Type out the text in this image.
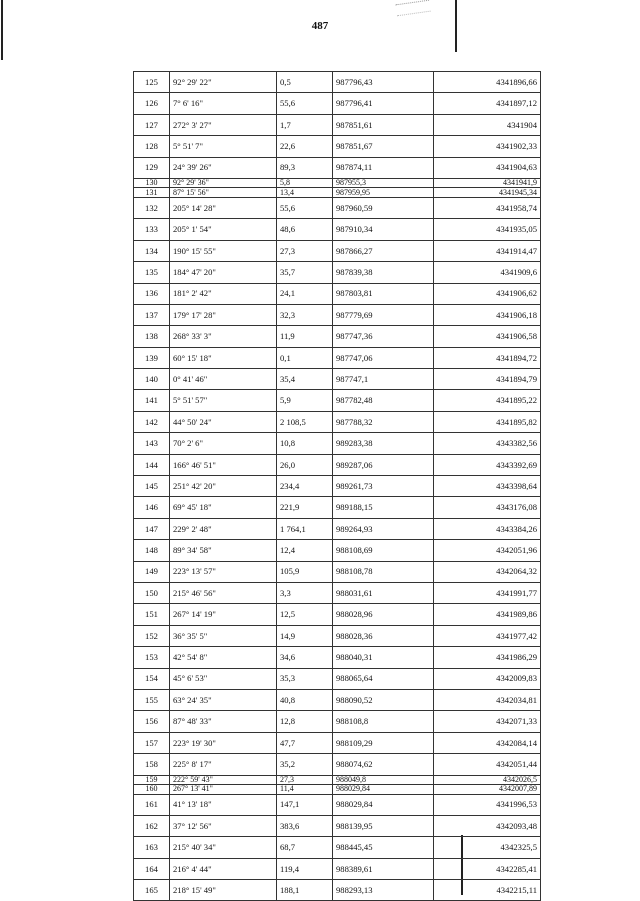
487
125	92° 29' 22"	0,5	987796,43	4341896,66
126	7° 6' 16"	55,6	987796,41	4341897,12
127	272° 3' 27"	1,7	987851,61	4341904
128	5° 51' 7"	22,6	987851,67	4341902,33
129	24° 39' 26"	89,3	987874,11	4341904,63
130	92° 29' 36"	5,8	987955,3	4341941,9
131	87° 15' 56"	13,4	987959,95	4341945,34
132	205° 14' 28"	55,6	987960,59	4341958,74
133	205° 1' 54"	48,6	987910,34	4341935,05
134	190° 15' 55"	27,3	987866,27	4341914,47
135	184° 47' 20"	35,7	987839,38	4341909,6
136	181° 2' 42"	24,1	987803,81	4341906,62
137	179° 17' 28"	32,3	987779,69	4341906,18
138	268° 33' 3"	11,9	987747,36	4341906,58
139	60° 15' 18"	0,1	987747,06	4341894,72
140	0° 41' 46"	35,4	987747,1	4341894,79
141	5° 51' 57"	5,9	987782,48	4341895,22
142	44° 50' 24"	2 108,5	987788,32	4341895,82
143	70° 2' 6"	10,8	989283,38	4343382,56
144	166° 46' 51"	26,0	989287,06	4343392,69
145	251° 42' 20"	234,4	989261,73	4343398,64
146	69° 45' 18"	221,9	989188,15	4343176,08
147	229° 2' 48"	1 764,1	989264,93	4343384,26
148	89° 34' 58"	12,4	988108,69	4342051,96
149	223° 13' 57"	105,9	988108,78	4342064,32
150	215° 46' 56"	3,3	988031,61	4341991,77
151	267° 14' 19"	12,5	988028,96	4341989,86
152	36° 35' 5"	14,9	988028,36	4341977,42
153	42° 54' 8"	34,6	988040,31	4341986,29
154	45° 6' 53"	35,3	988065,64	4342009,83
155	63° 24' 35"	40,8	988090,52	4342034,81
156	87° 48' 33"	12,8	988108,8	4342071,33
157	223° 19' 30"	47,7	988109,29	4342084,14
158	225° 8' 17"	35,2	988074,62	4342051,44
159	222° 59' 43"	27,3	988049,8	4342026,5
160	267° 13' 41"	11,4	988029,84	4342007,89
161	41° 13' 18"	147,1	988029,84	4341996,53
162	37° 12' 56"	383,6	988139,95	4342093,48
163	215° 40' 34"	68,7	988445,45	4342325,5
164	216° 4' 44"	119,4	988389,61	4342285,41
165	218° 15' 49"	188,1	988293,13	4342215,11
